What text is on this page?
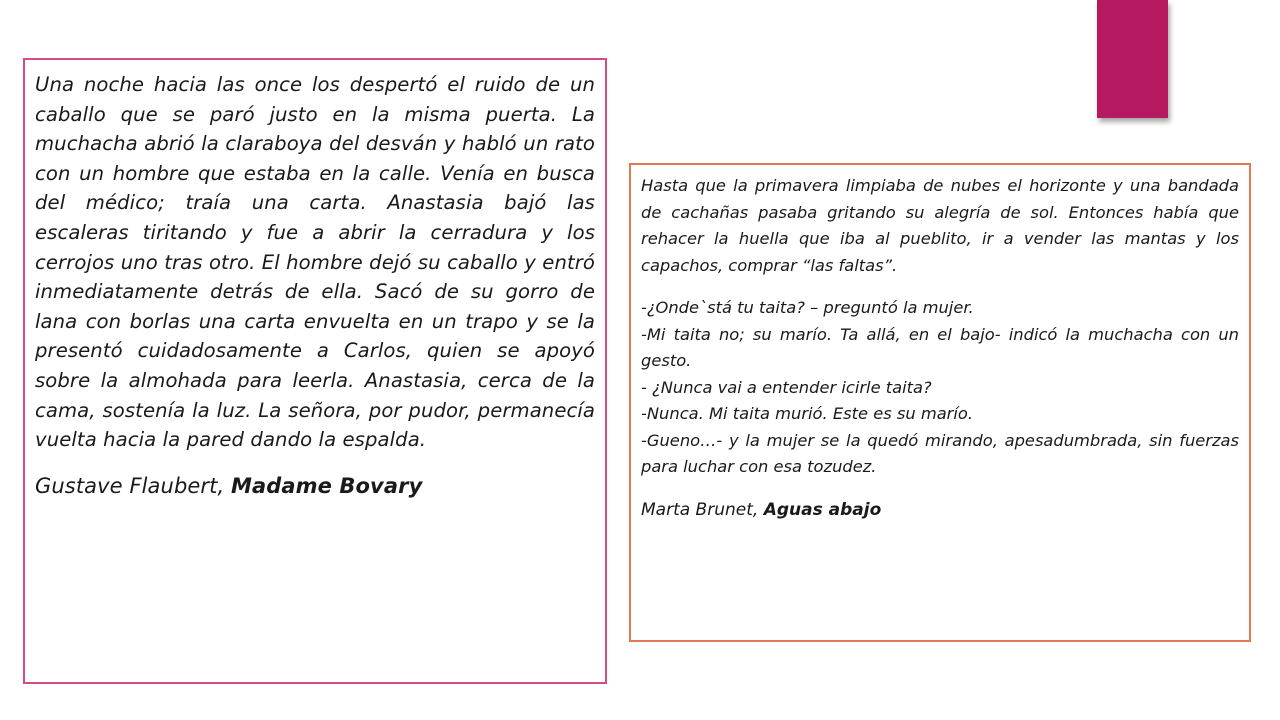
Una noche hacia las once los despertó el ruido de un caballo que se paró justo en la misma puerta. La muchacha abrió la claraboya del desván y habló un rato con un hombre que estaba en la calle. Venía en busca del médico; traía una carta. Anastasia bajó las escaleras tiritando y fue a abrir la cerradura y los cerrojos uno tras otro. El hombre dejó su caballo y entró inmediatamente detrás de ella. Sacó de su gorro de lana con borlas una carta envuelta en un trapo y se la presentó cuidadosamente a Carlos, quien se apoyó sobre la almohada para leerla. Anastasia, cerca de la cama, sostenía la luz. La señora, por pudor, permanecía vuelta hacia la pared dando la espalda.

Gustave Flaubert, Madame Bovary

Hasta que la primavera limpiaba de nubes el horizonte y una bandada de cachañas pasaba gritando su alegría de sol. Entonces había que rehacer la huella que iba al pueblito, ir a vender las mantas y los capachos, comprar “las faltas”.

-¿Onde`stá tu taita? – preguntó la mujer.

-Mi taita no; su marío. Ta allá, en el bajo- indicó la muchacha con un gesto.

- ¿Nunca vai a entender icirle taita?

-Nunca. Mi taita murió. Este es su marío.

-Gueno…- y la mujer se la quedó mirando, apesadumbrada, sin fuerzas para luchar con esa tozudez.

Marta Brunet, Aguas abajo
